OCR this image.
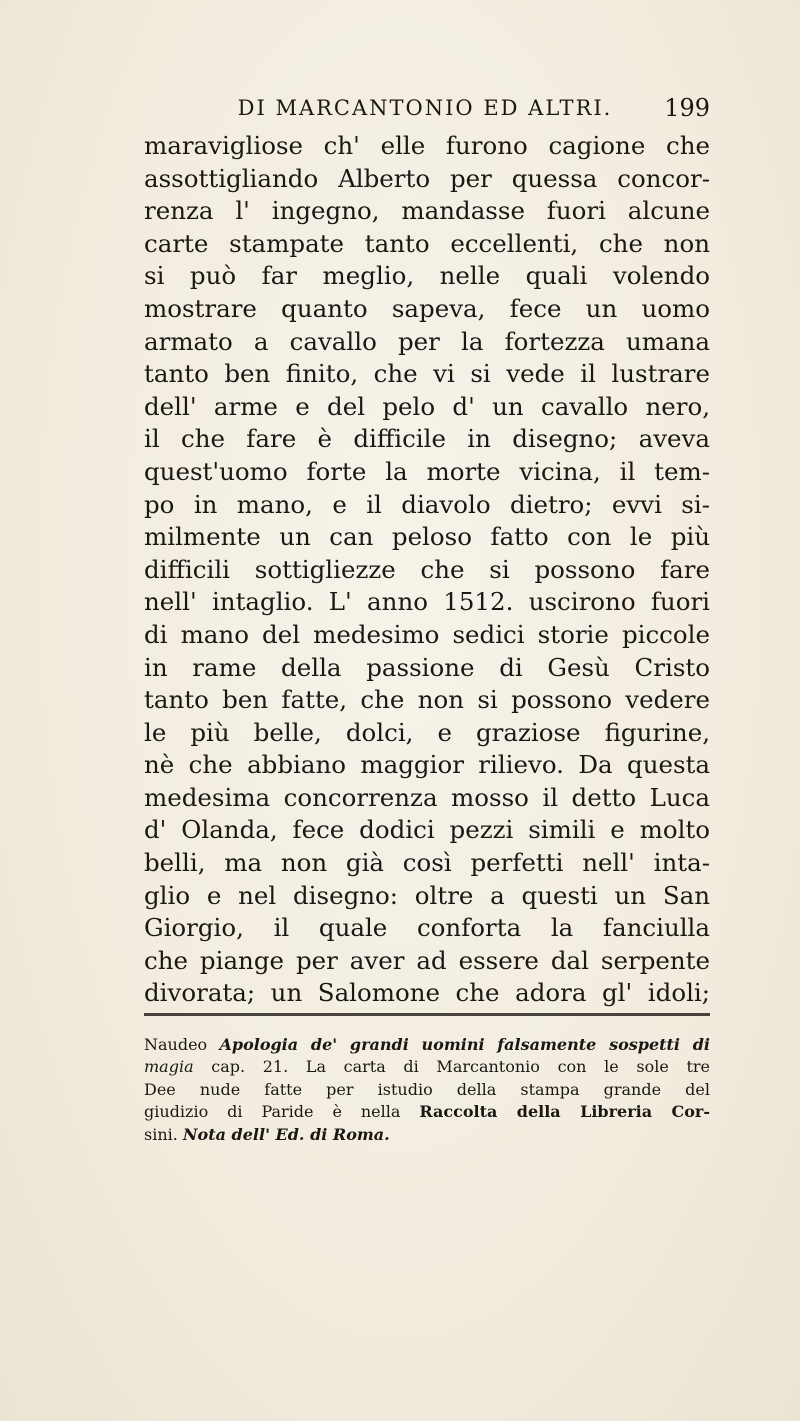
DI MARCANTONIO ED ALTRI.	199
maravigliose ch' elle furono cagione che
assottigliando Alberto per quessa concor-
renza l' ingegno, mandasse fuori alcune
carte stampate tanto eccellenti, che non
si può far meglio, nelle quali volendo
mostrare quanto sapeva, fece un uomo
armato a cavallo per la fortezza umana
tanto ben finito, che vi si vede il lustrare
dell' arme e del pelo d' un cavallo nero,
il che fare è difficile in disegno; aveva
quest'uomo forte la morte vicina, il tem-
po in mano, e il diavolo dietro; evvi si-
milmente un can peloso fatto con le più
difficili sottigliezze che si possono fare
nell' intaglio. L' anno 1512. uscirono fuori
di mano del medesimo sedici storie piccole
in rame della passione di Gesù Cristo
tanto ben fatte, che non si possono vedere
le più belle, dolci, e graziose figurine,
nè che abbiano maggior rilievo. Da questa
medesima concorrenza mosso il detto Luca
d' Olanda, fece dodici pezzi simili e molto
belli, ma non già così perfetti nell' inta-
glio e nel disegno: oltre a questi un San
Giorgio, il quale conforta la fanciulla
che piange per aver ad essere dal serpente
divorata; un Salomone che adora gl' idoli;
Naudeo Apologia de' grandi uomini falsamente sospetti di
magia cap. 21. La carta di Marcantonio con le sole tre
Dee nude fatte per istudio della stampa grande del
giudizio di Paride è nella Raccolta della Libreria Cor-
sini. Nota dell' Ed. di Roma.
